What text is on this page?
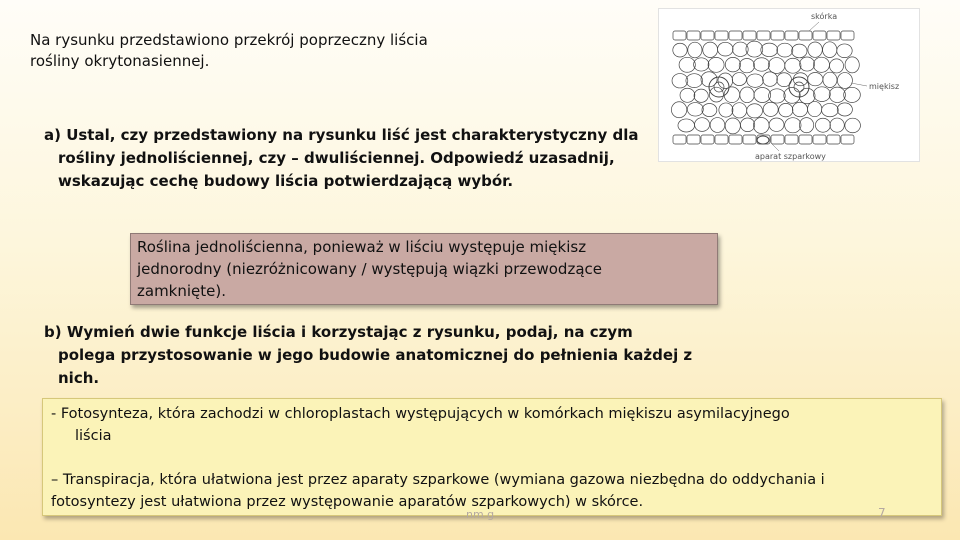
Na rysunku przedstawiono przekrój poprzeczny liścia
rośliny okrytonasiennej.
a) Ustal, czy przedstawiony na rysunku liść jest charakterystyczny dla
rośliny jednoliściennej, czy – dwuliściennej. Odpowiedź uzasadnij,
wskazując cechę budowy liścia potwierdzającą wybór.
Roślina jednoliścienna, ponieważ w liściu występuje miękisz
jednorodny (niezróżnicowany / występują wiązki przewodzące
zamknięte).
b) Wymień dwie funkcje liścia i korzystając z rysunku, podaj, na czym
polega przystosowanie w jego budowie anatomicznej do pełnienia każdej z
nich.
- Fotosynteza, która zachodzi w chloroplastach występujących w komórkach miękiszu asymilacyjnego
liścia
– Transpiracja, która ułatwiona jest przez aparaty szparkowe (wymiana gazowa niezbędna do oddychania i
fotosyntezy jest ułatwiona przez występowanie aparatów szparkowych) w skórce.
skórka
miękisz
aparat szparkowy
nm g	7
